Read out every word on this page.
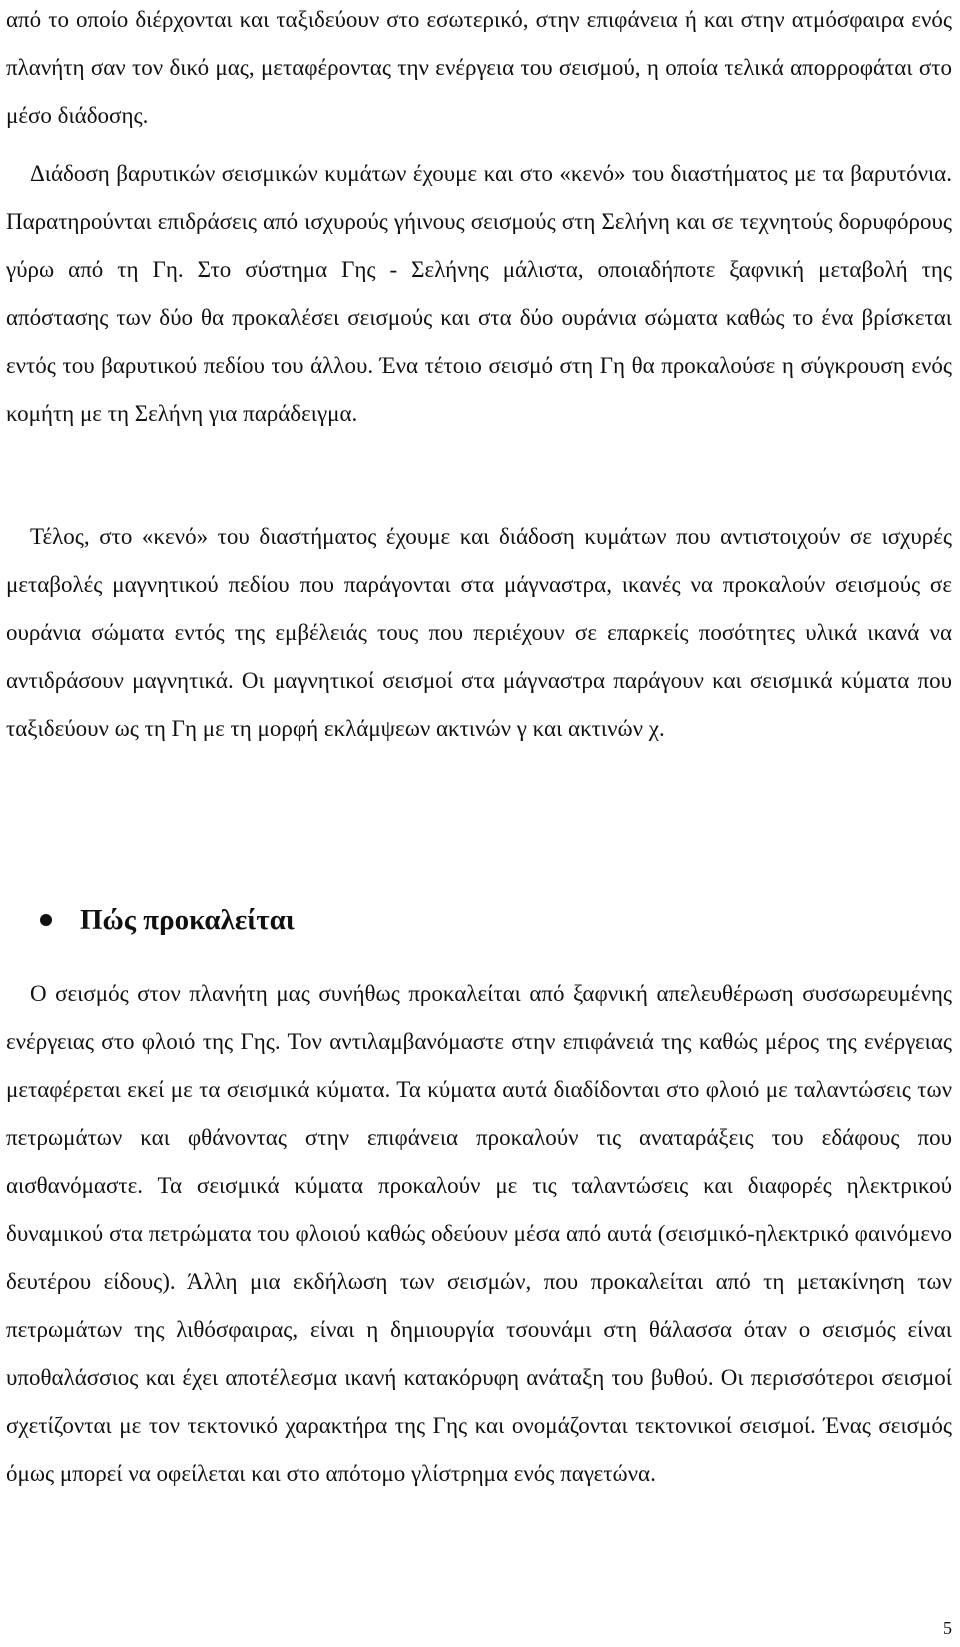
από το οποίο διέρχονται και ταξιδεύουν στο εσωτερικό, στην επιφάνεια ή και στην ατμόσφαιρα ενός πλανήτη σαν τον δικό μας, μεταφέροντας την ενέργεια του σεισμού, η οποία τελικά απορροφάται στο μέσο διάδοσης.

Διάδοση βαρυτικών σεισμικών κυμάτων έχουμε και στο «κενό» του διαστήματος με τα βαρυτόνια. Παρατηρούνται επιδράσεις από ισχυρούς γήινους σεισμούς στη Σελήνη και σε τεχνητούς δορυφόρους γύρω από τη Γη. Στο σύστημα Γης - Σελήνης μάλιστα, οποιαδήποτε ξαφνική μεταβολή της απόστασης των δύο θα προκαλέσει σεισμούς και στα δύο ουράνια σώματα καθώς το ένα βρίσκεται εντός του βαρυτικού πεδίου του άλλου. Ένα τέτοιο σεισμό στη Γη θα προκαλούσε η σύγκρουση ενός κομήτη με τη Σελήνη για παράδειγμα.

Τέλος, στο «κενό» του διαστήματος έχουμε και διάδοση κυμάτων που αντιστοιχούν σε ισχυρές μεταβολές μαγνητικού πεδίου που παράγονται στα μάγναστρα, ικανές να προκαλούν σεισμούς σε ουράνια σώματα εντός της εμβέλειάς τους που περιέχουν σε επαρκείς ποσότητες υλικά ικανά να αντιδράσουν μαγνητικά. Οι μαγνητικοί σεισμοί στα μάγναστρα παράγουν και σεισμικά κύματα που ταξιδεύουν ως τη Γη με τη μορφή εκλάμψεων ακτινών γ και ακτινών χ.

Πώς προκαλείται

Ο σεισμός στον πλανήτη μας συνήθως προκαλείται από ξαφνική απελευθέρωση συσσωρευμένης ενέργειας στο φλοιό της Γης. Τον αντιλαμβανόμαστε στην επιφάνειά της καθώς μέρος της ενέργειας μεταφέρεται εκεί με τα σεισμικά κύματα. Τα κύματα αυτά διαδίδονται στο φλοιό με ταλαντώσεις των πετρωμάτων και φθάνοντας στην επιφάνεια προκαλούν τις αναταράξεις του εδάφους που αισθανόμαστε. Τα σεισμικά κύματα προκαλούν με τις ταλαντώσεις και διαφορές ηλεκτρικού δυναμικού στα πετρώματα του φλοιού καθώς οδεύουν μέσα από αυτά (σεισμικό-ηλεκτρικό φαινόμενο δευτέρου είδους). Άλλη μια εκδήλωση των σεισμών, που προκαλείται από τη μετακίνηση των πετρωμάτων της λιθόσφαιρας, είναι η δημιουργία τσουνάμι στη θάλασσα όταν ο σεισμός είναι υποθαλάσσιος και έχει αποτέλεσμα ικανή κατακόρυφη ανάταξη του βυθού. Οι περισσότεροι σεισμοί σχετίζονται με τον τεκτονικό χαρακτήρα της Γης και ονομάζονται τεκτονικοί σεισμοί. Ένας σεισμός όμως μπορεί να οφείλεται και στο απότομο γλίστρημα ενός παγετώνα.

5
